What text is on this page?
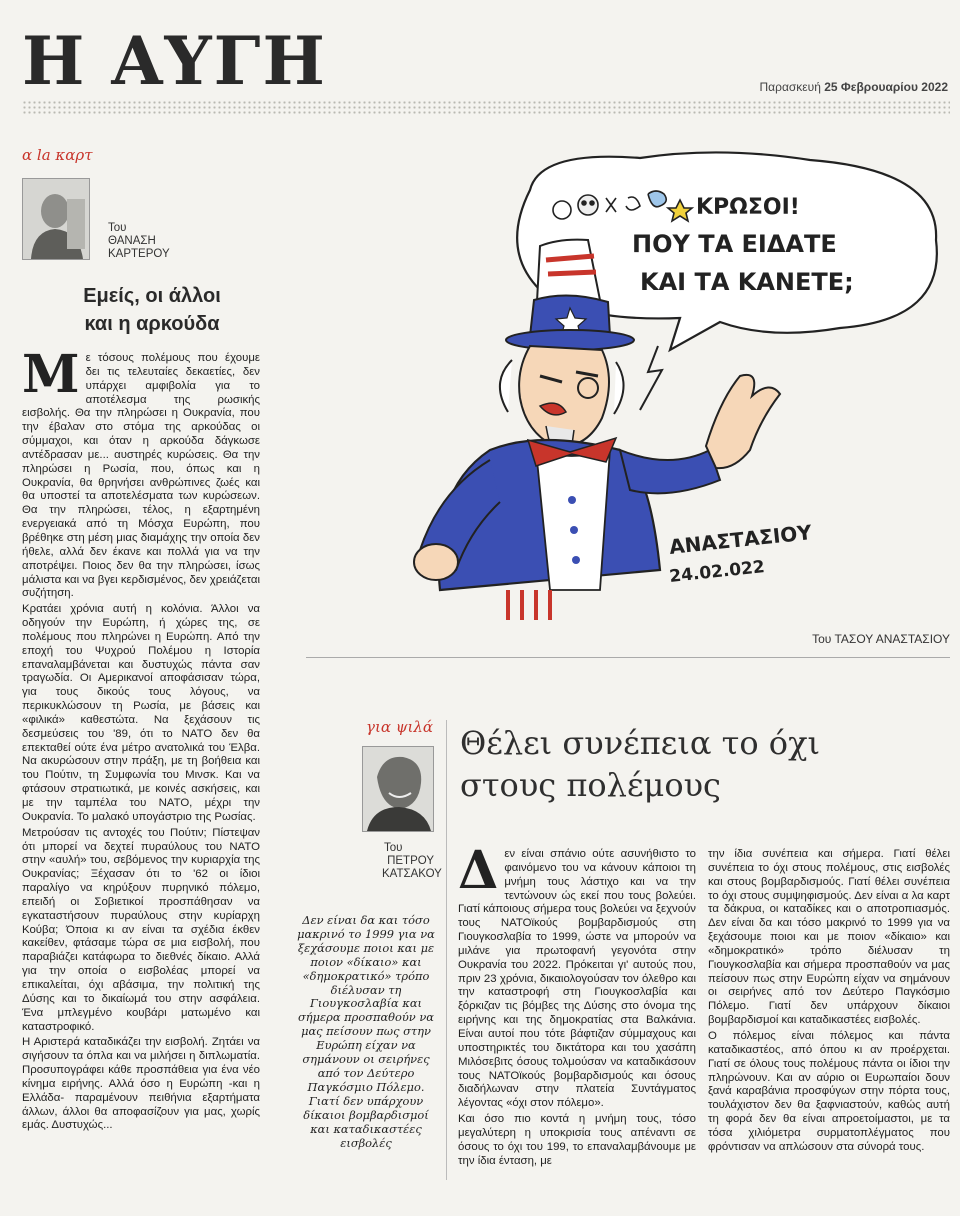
Η ΑΥΓΗ	Παρασκευή 25 Φεβρουαρίου 2022
α la καρτ
Του
ΘΑΝΑΣΗ
ΚΑΡΤΕΡΟΥ
Εμείς, οι άλλοι
και η αρκούδα

Με τόσους πολέμους που έχουμε δει τις τελευταίες δεκαετίες, δεν υπάρχει αμφιβολία για το αποτέλεσμα της ρωσικής εισβολής. Θα την πληρώσει η Ουκρανία, που την έβαλαν στο στόμα της αρκούδας οι σύμμαχοι, και όταν η αρκούδα δάγκωσε αντέδρασαν με... αυστηρές κυρώσεις. Θα την πληρώσει η Ρωσία, που, όπως και η Ουκρανία, θα θρηνήσει ανθρώπινες ζωές και θα υποστεί τα αποτελέσματα των κυρώσεων. Θα την πληρώσει, τέλος, η εξαρτημένη ενεργειακά από τη Μόσχα Ευρώπη, που βρέθηκε στη μέση μιας διαμάχης την οποία δεν ήθελε, αλλά δεν έκανε και πολλά για να την αποτρέψει. Ποιος δεν θα την πληρώσει, ίσως μάλιστα και να βγει κερδισμένος, δεν χρειάζεται συζήτηση.

Κρατάει χρόνια αυτή η κολόνια. Άλλοι να οδηγούν την Ευρώπη, ή χώρες της, σε πολέμους που πληρώνει η Ευρώπη. Από την εποχή του Ψυχρού Πολέμου η Ιστορία επαναλαμβάνεται και δυστυχώς πάντα σαν τραγωδία. Οι Αμερικανοί αποφάσισαν τώρα, για τους δικούς τους λόγους, να περικυκλώσουν τη Ρωσία, με βάσεις και «φιλικά» καθεστώτα. Να ξεχάσουν τις δεσμεύσεις του '89, ότι το ΝΑΤΟ δεν θα επεκταθεί ούτε ένα μέτρο ανατολικά του Έλβα. Να ακυρώσουν στην πράξη, με τη βοήθεια και του Πούτιν, τη Συμφωνία του Μινσκ. Και να φτάσουν στρατιωτικά, με κοινές ασκήσεις, και με την ταμπέλα του ΝΑΤΟ, μέχρι την Ουκρανία. Το μαλακό υπογάστριο της Ρωσίας.

Μετρούσαν τις αντοχές του Πούτιν; Πίστεψαν ότι μπορεί να δεχτεί πυραύλους του ΝΑΤΟ στην «αυλή» του, σεβόμενος την κυριαρχία της Ουκρανίας; Ξέχασαν ότι το '62 οι ίδιοι παραλίγο να κηρύξουν πυρηνικό πόλεμο, επειδή οι Σοβιετικοί προσπάθησαν να εγκαταστήσουν πυραύλους στην κυρίαρχη Κούβα; Όποια κι αν είναι τα σχέδια έκθεν κακείθεν, φτάσαμε τώρα σε μια εισβολή, που παραβιάζει κατάφωρα το διεθνές δίκαιο. Αλλά για την οποία ο εισβολέας μπορεί να επικαλείται, όχι αβάσιμα, την πολιτική της Δύσης και το δικαίωμά του στην ασφάλεια. Ένα μπλεγμένο κουβάρι ματωμένο και καταστροφικό.

Η Αριστερά καταδικάζει την εισβολή. Ζητάει να σιγήσουν τα όπλα και να μιλήσει η διπλωματία. Προσυπογράφει κάθε προσπάθεια για ένα νέο κίνημα ειρήνης. Αλλά όσο η Ευρώπη -και η Ελλάδα- παραμένουν πειθήνια εξαρτήματα άλλων, άλλοι θα αποφασίζουν για μας, χωρίς εμάς. Δυστυχώς...

ΑΝΑΣΤΑΣΙΟΥ
24.02.022
ΚΡΩΣΟΙ!
ΠΟΥ ΤΑ ΕΙΔΑΤΕ
ΚΑΙ ΤΑ ΚΑΝΕΤΕ;
Του ΤΑΣΟΥ ΑΝΑΣΤΑΣΙΟΥ
για ψιλά
Του
ΠΕΤΡΟΥ
ΚΑΤΣΑΚΟΥ
Θέλει συνέπεια το όχι
στους πολέμους
Δεν είναι δα και τόσο μακρινό το 1999 για να ξεχάσουμε ποιοι και με ποιον «δίκαιο» και «δημοκρατικό» τρόπο διέλυσαν τη Γιουγκοσλαβία και σήμερα προσπαθούν να μας πείσουν πως στην Ευρώπη είχαν να σημάνουν οι σειρήνες από τον Δεύτερο Παγκόσμιο Πόλεμο. Γιατί δεν υπάρχουν δίκαιοι βομβαρδισμοί και καταδικαστέες εισβολές

Δεν είναι σπάνιο ούτε ασυνήθιστο το φαινόμενο του να κάνουν κάποιοι τη μνήμη τους λάστιχο και να την τεντώνουν ώς εκεί που τους βολεύει. Γιατί κάποιους σήμερα τους βολεύει να ξεχνούν τους ΝΑΤΟϊκούς βομβαρδισμούς στη Γιουγκοσλαβία το 1999, ώστε να μπορούν να μιλάνε για πρωτοφανή γεγονότα στην Ουκρανία του 2022. Πρόκειται γι' αυτούς που, πριν 23 χρόνια, δικαιολογούσαν τον όλεθρο και την καταστροφή στη Γιουγκοσλαβία και ξόρκιζαν τις βόμβες της Δύσης στο όνομα της ειρήνης και της δημοκρατίας στα Βαλκάνια. Είναι αυτοί που τότε βάφτιζαν σύμμαχους και υποστηρικτές του δικτάτορα και του χασάπη Μιλόσεβιτς όσους τολμούσαν να καταδικάσουν τους ΝΑΤΟϊκούς βομβαρδισμούς και όσους διαδήλωναν στην πλατεία Συντάγματος λέγοντας «όχι στον πόλεμο».

Και όσο πιο κοντά η μνήμη τους, τόσο μεγαλύτερη η υποκρισία τους απέναντι σε όσους το όχι του 199, το επαναλαμβάνουμε με την ίδια ένταση, με

την ίδια συνέπεια και σήμερα. Γιατί θέλει συνέπεια το όχι στους πολέμους, στις εισβολές και στους βομβαρδισμούς. Γιατί θέλει συνέπεια το όχι στους συμψηφισμούς. Δεν είναι α λα καρτ τα δάκρυα, οι καταδίκες και ο αποτροπιασμός. Δεν είναι δα και τόσο μακρινό το 1999 για να ξεχάσουμε ποιοι και με ποιον «δίκαιο» και «δημοκρατικό» τρόπο διέλυσαν τη Γιουγκοσλαβία και σήμερα προσπαθούν να μας πείσουν πως στην Ευρώπη είχαν να σημάνουν οι σειρήνες από τον Δεύτερο Παγκόσμιο Πόλεμο. Γιατί δεν υπάρχουν δίκαιοι βομβαρδισμοί και καταδικαστέες εισβολές.

Ο πόλεμος είναι πόλεμος και πάντα καταδικαστέος, από όπου κι αν προέρχεται. Γιατί σε όλους τους πολέμους πάντα οι ίδιοι την πληρώνουν. Και αν αύριο οι Ευρωπαίοι δουν ξανά καραβάνια προσφύγων στην πόρτα τους, τουλάχιστον δεν θα ξαφνιαστούν, καθώς αυτή τη φορά δεν θα είναι απροετοίμαστοι, με τα τόσα χιλιόμετρα συρματοπλέγματος που φρόντισαν να απλώσουν στα σύνορά τους.
